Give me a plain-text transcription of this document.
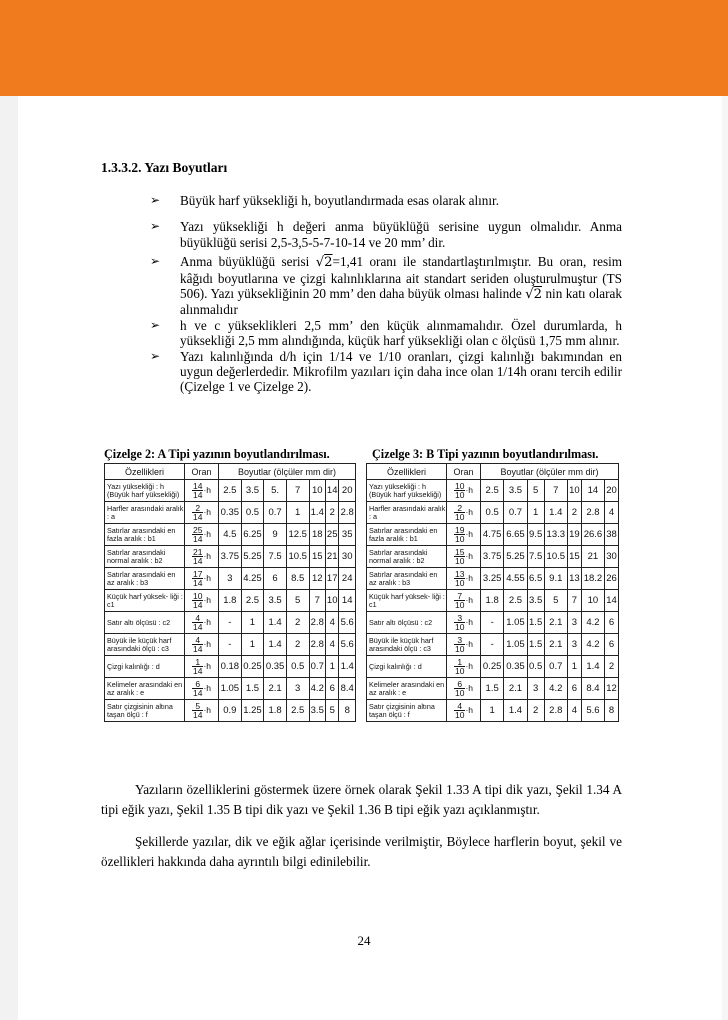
1.3.3.2. Yazı Boyutları
➢ Büyük harf yüksekliği h, boyutlandırmada esas olarak alınır.
➢ Yazı yüksekliği h değeri anma büyüklüğü serisine uygun olmalıdır. Anma büyüklüğü serisi 2,5-3,5-5-7-10-14 ve 20 mm’ dir.
➢ Anma büyüklüğü serisi √2=1,41 oranı ile standartlaştırılmıştır. Bu oran, resim kâğıdı boyutlarına ve çizgi kalınlıklarına ait standart seriden oluşturulmuştur (TS 506). Yazı yüksekliğinin 20 mm’ den daha büyük olması halinde √2 nin katı olarak alınmalıdır
➢ h ve c yükseklikleri 2,5 mm’ den küçük alınmamalıdır. Özel durumlarda, h yüksekliği 2,5 mm alındığında, küçük harf yüksekliği olan c ölçüsü 1,75 mm alınır.
➢ Yazı kalınlığında d/h için 1/14 ve 1/10 oranları, çizgi kalınlığı bakımından en uygun değerlerdedir. Mikrofilm yazıları için daha ince olan 1/14h oranı tercih edilir (Çizelge 1 ve Çizelge 2).
Çizelge 2: A Tipi yazının boyutlandırılması.	Çizelge 3: B Tipi yazının boyutlandırılması.
Özellikleri	Oran	Boyutlar (ölçüler mm dir)						
Yazı yüksekliği : h (Büyük harf yüksekliği)	$\frac{14}{14} \cdot h$	2.5	3.5	5.	7	10	14	20
Harfler arasındaki aralık : a	$\frac{2}{14} \cdot h$	0.35	0.5	0.7	1	1.4	2	2.8
Satırlar arasındaki en fazla aralık : b1	$\frac{25}{14} \cdot h$	4.5	6.25	9	12.5	18	25	35
Satırlar arasındaki normal aralık : b2	$\frac{21}{14} \cdot h$	3.75	5.25	7.5	10.5	15	21	30
Satırlar arasındaki en az aralık : b3	$\frac{17}{14} \cdot h$	3	4.25	6	8.5	12	17	24
Küçük harf yüksek- liği : c1	$\frac{10}{14} \cdot h$	1.8	2.5	3.5	5	7	10	14
Satır altı ölçüsü : c2	$\frac{4}{14} \cdot h$	-	1	1.4	2	2.8	4	5.6
Büyük ile küçük harf arasındaki ölçü : c3	$\frac{4}{14} \cdot h$	-	1	1.4	2	2.8	4	5.6
Çizgi kalınlığı : d	$\frac{1}{14} \cdot h$	0.18	0.25	0.35	0.5	0.7	1	1.4
Kelimeler arasındaki en az aralık : e	$\frac{6}{14} \cdot h$	1.05	1.5	2.1	3	4.2	6	8.4
Satır çizgisinin altına taşan ölçü : f	$\frac{5}{14} \cdot h$	0.9	1.25	1.8	2.5	3.5	5	8
Özellikleri	Oran	Boyutlar (ölçüler mm dir)						
Yazı yüksekliği : h (Büyük harf yüksekliği)	$\frac{10}{10} \cdot h$	2.5	3.5	5	7	10	14	20
Harfler arasındaki aralık : a	$\frac{2}{10} \cdot h$	0.5	0.7	1	1.4	2	2.8	4
Satırlar arasındaki en fazla aralık : b1	$\frac{19}{10} \cdot h$	4.75	6.65	9.5	13.3	19	26.6	38
Satırlar arasındaki normal aralık : b2	$\frac{15}{10} \cdot h$	3.75	5.25	7.5	10.5	15	21	30
Satırlar arasındaki en az aralık : b3	$\frac{13}{10} \cdot h$	3.25	4.55	6.5	9.1	13	18.2	26
Küçük harf yüksek- liği : c1	$\frac{7}{10} \cdot h$	1.8	2.5	3.5	5	7	10	14
Satır altı ölçüsü : c2	$\frac{3}{10} \cdot h$	-	1.05	1.5	2.1	3	4.2	6
Büyük ile küçük harf arasındaki ölçü : c3	$\frac{3}{10} \cdot h$	-	1.05	1.5	2.1	3	4.2	6
Çizgi kalınlığı : d	$\frac{1}{10} \cdot h$	0.25	0.35	0.5	0.7	1	1.4	2
Kelimeler arasındaki en az aralık : e	$\frac{6}{10} \cdot h$	1.5	2.1	3	4.2	6	8.4	12
Satır çizgisinin altına taşan ölçü : f	$\frac{4}{10} \cdot h$	1	1.4	2	2.8	4	5.6	8

Yazıların özelliklerini göstermek üzere örnek olarak Şekil 1.33 A tipi dik yazı, Şekil 1.34 A tipi eğik yazı, Şekil 1.35 B tipi dik yazı ve Şekil 1.36 B tipi eğik yazı açıklanmıştır.

Şekillerde yazılar, dik ve eğik ağlar içerisinde verilmiştir, Böylece harflerin boyut, şekil ve özellikleri hakkında daha ayrıntılı bilgi edinilebilir.

24
